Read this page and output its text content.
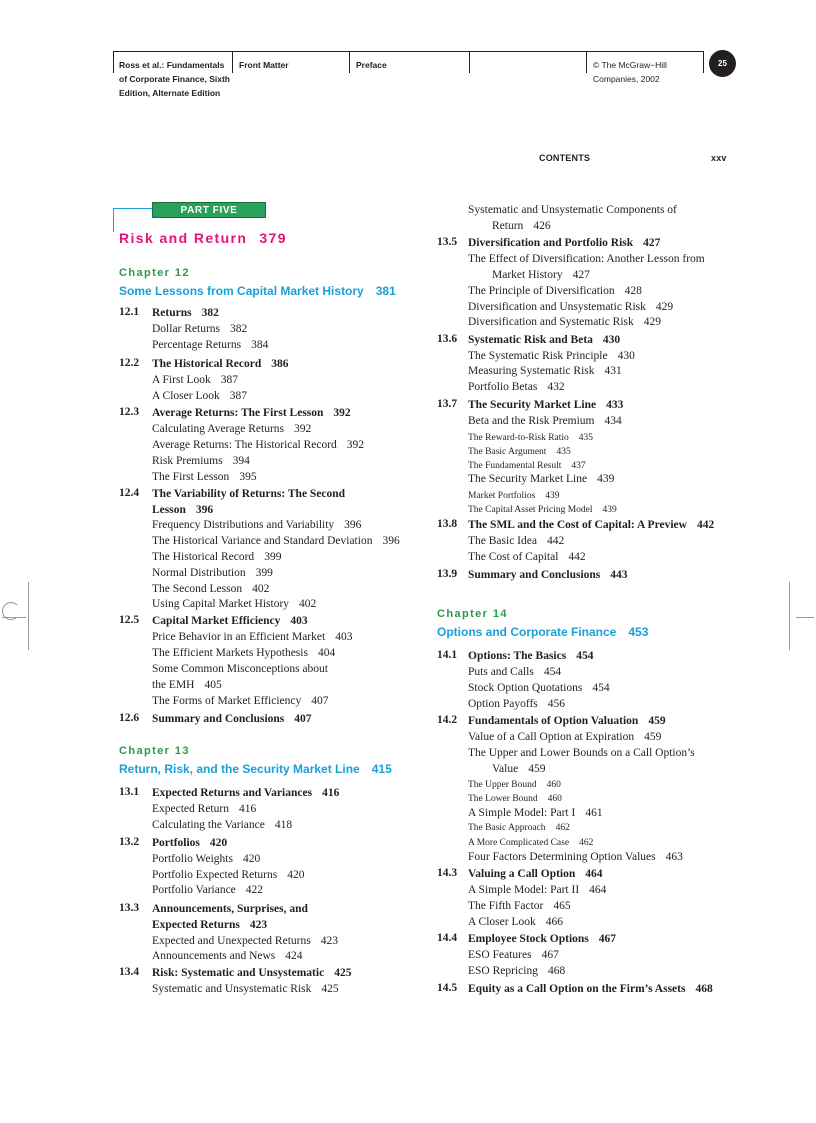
Ross et al.: Fundamentals
of Corporate Finance, Sixth
Edition, Alternate Edition
Front Matter	Preface	© The McGraw−Hill
Companies, 2002
25
CONTENTS	xxv
PART FIVE
Risk and Return 379
Chapter 12
Some Lessons from Capital Market History 381
12.1 Returns 382
Dollar Returns 382
Percentage Returns 384
12.2 The Historical Record 386
A First Look 387
A Closer Look 387
12.3 Average Returns: The First Lesson 392
Calculating Average Returns 392
Average Returns: The Historical Record 392
Risk Premiums 394
The First Lesson 395
12.4 The Variability of Returns: The Second
Lesson 396
Frequency Distributions and Variability 396
The Historical Variance and Standard Deviation 396
The Historical Record 399
Normal Distribution 399
The Second Lesson 402
Using Capital Market History 402
12.5 Capital Market Efficiency 403
Price Behavior in an Efficient Market 403
The Efficient Markets Hypothesis 404
Some Common Misconceptions about
the EMH 405
The Forms of Market Efficiency 407
12.6 Summary and Conclusions 407
Chapter 13
Return, Risk, and the Security Market Line 415
13.1 Expected Returns and Variances 416
Expected Return 416
Calculating the Variance 418
13.2 Portfolios 420
Portfolio Weights 420
Portfolio Expected Returns 420
Portfolio Variance 422
13.3 Announcements, Surprises, and
Expected Returns 423
Expected and Unexpected Returns 423
Announcements and News 424
13.4 Risk: Systematic and Unsystematic 425
Systematic and Unsystematic Risk 425
Systematic and Unsystematic Components of
Return 426
13.5 Diversification and Portfolio Risk 427
The Effect of Diversification: Another Lesson from
Market History 427
The Principle of Diversification 428
Diversification and Unsystematic Risk 429
Diversification and Systematic Risk 429
13.6 Systematic Risk and Beta 430
The Systematic Risk Principle 430
Measuring Systematic Risk 431
Portfolio Betas 432
13.7 The Security Market Line 433
Beta and the Risk Premium 434
The Reward-to-Risk Ratio 435
The Basic Argument 435
The Fundamental Result 437
The Security Market Line 439
Market Portfolios 439
The Capital Asset Pricing Model 439
13.8 The SML and the Cost of Capital: A Preview 442
The Basic Idea 442
The Cost of Capital 442
13.9 Summary and Conclusions 443
Chapter 14
Options and Corporate Finance 453
14.1 Options: The Basics 454
Puts and Calls 454
Stock Option Quotations 454
Option Payoffs 456
14.2 Fundamentals of Option Valuation 459
Value of a Call Option at Expiration 459
The Upper and Lower Bounds on a Call Option’s
Value 459
The Upper Bound 460
The Lower Bound 460
A Simple Model: Part I 461
The Basic Approach 462
A More Complicated Case 462
Four Factors Determining Option Values 463
14.3 Valuing a Call Option 464
A Simple Model: Part II 464
The Fifth Factor 465
A Closer Look 466
14.4 Employee Stock Options 467
ESO Features 467
ESO Repricing 468
14.5 Equity as a Call Option on the Firm’s Assets 468
